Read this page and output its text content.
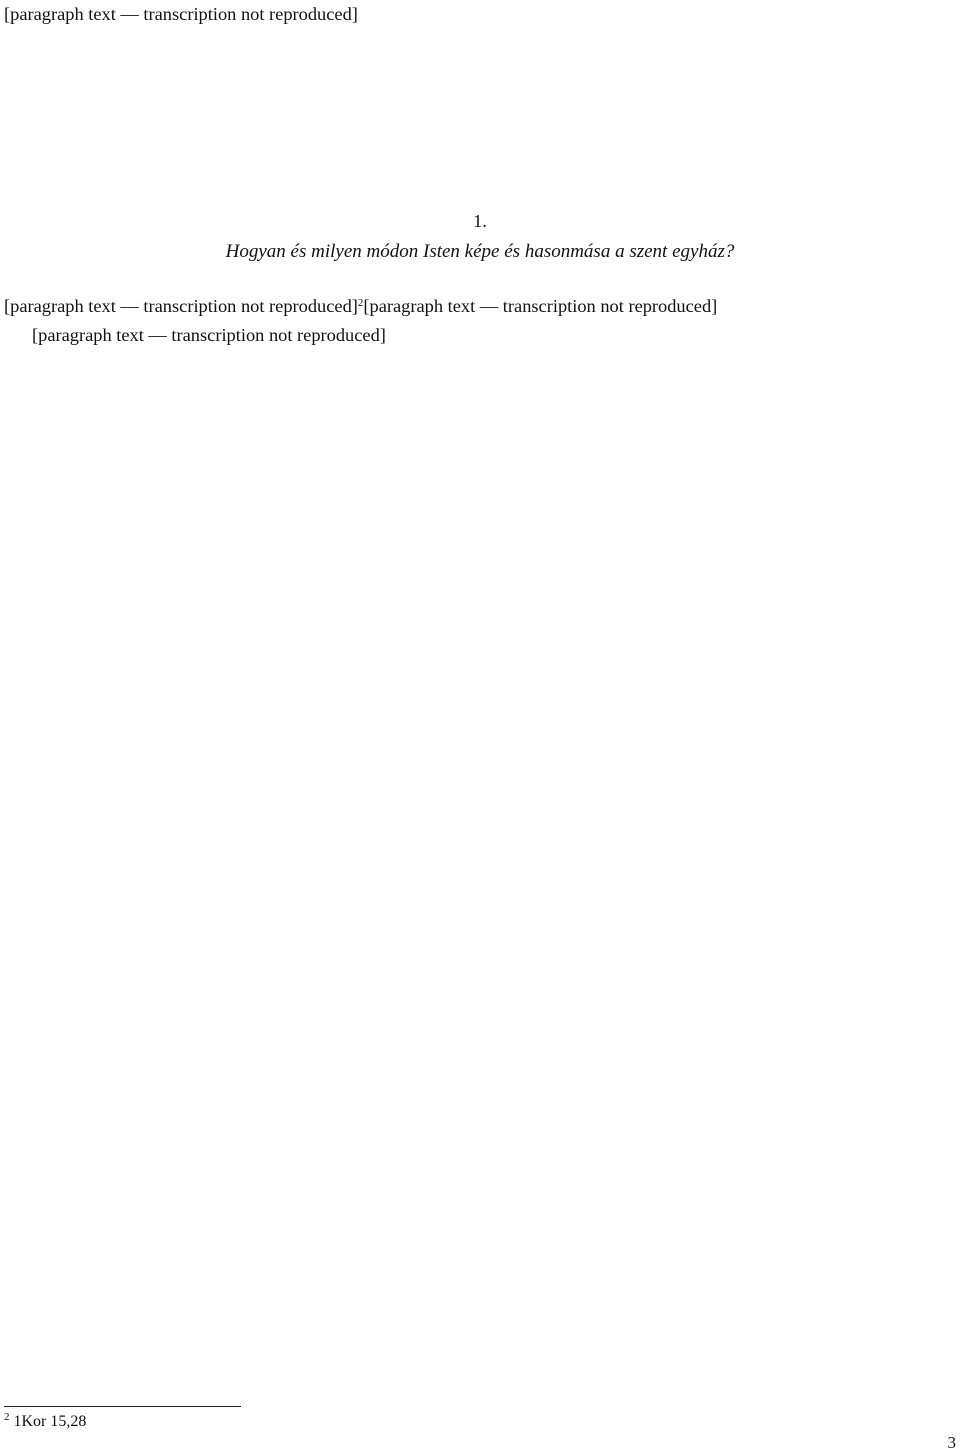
[paragraph text — transcription not reproduced]

1.
Hogyan és milyen módon Isten képe és hasonmása a szent egyház?

[paragraph text — transcription not reproduced]$^2$[paragraph text — transcription not reproduced]

[paragraph text — transcription not reproduced]

$^2$ 1Kor 15,28
3
